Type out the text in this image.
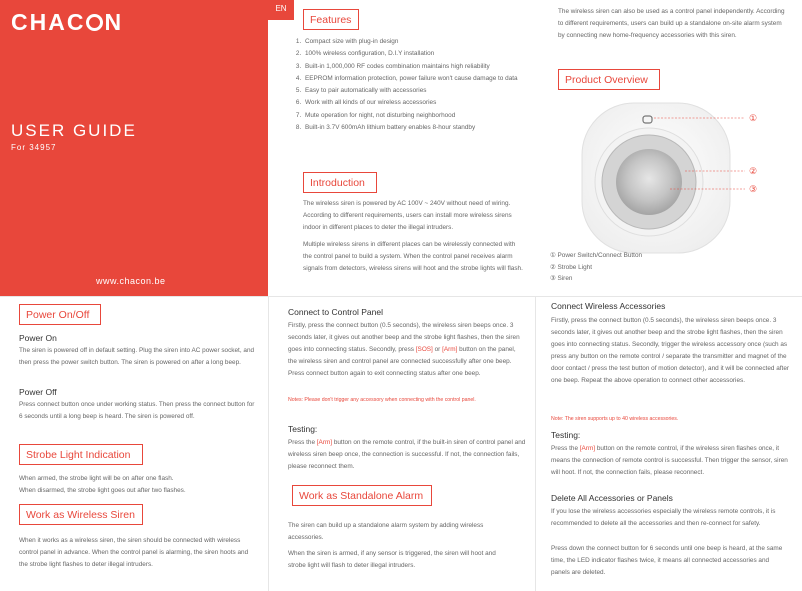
CHAC N
USER GUIDE
For 34957
www.chacon.be
EN
Features
1. Compact size with plug-in design
2. 100% wireless configuration, D.I.Y installation
3. Built-in 1,000,000 RF codes combination maintains high reliability
4. EEPROM information protection, power failure won't cause damage to data
5. Easy to pair automatically with accessories
6. Work with all kinds of our wireless accessories
7. Mute operation for night, not disturbing neighborhood
8. Built-in 3.7V 600mAh lithium battery enables 8-hour standby
Introduction
The wireless siren is powered by AC 100V ~ 240V without need of wiring. According to different requirements, users can install more wireless sirens indoor in different places to deter the illegal intruders.
Multiple wireless sirens in different places can be wirelessly connected with the control panel to build a system. When the control panel receives alarm signals from detectors, wireless sirens will hoot and the strobe lights will flash.
The wireless siren can also be used as a control panel independently. According to different requirements, users can build up a standalone on-site alarm system by connecting new home-frequency accessories with this siren.
Product Overview
①
②
③
① Power Switch/Connect Button
② Strobe Light
③ Siren
Power On/Off
Power On
The siren is powered off in default setting. Plug the siren into AC power socket, and then press the power switch button. The siren is powered on after a long beep.
Power Off
Press connect button once under working status. Then press the connect button for 6 seconds until a long beep is heard. The siren is powered off.
Strobe Light Indication
When armed, the strobe light will be on after one flash.
When disarmed, the strobe light goes out after two flashes.
Work as Wireless Siren
When it works as a wireless siren, the siren should be connected with wireless control panel in advance. When the control panel is alarming, the siren hoots and the strobe light flashes to deter illegal intruders.
Connect to Control Panel
Firstly, press the connect button (0.5 seconds), the wireless siren beeps once. 3 seconds later, it gives out another beep and the strobe light flashes, then the siren goes into connecting status. Secondly, press [SOS] or [Arm] button on the panel, the wireless siren and control panel are connected successfully after one beep. Press connect button again to exit connecting status after one beep.
Notes: Please don't trigger any accessory when connecting with the control panel.
Testing:
Press the [Arm] button on the remote control, if the built-in siren of control panel and wireless siren beep once, the connection is successful. If not, the connection fails, please reconnect them.
Work as Standalone Alarm
The siren can build up a standalone alarm system by adding wireless accessories.
When the siren is armed, if any sensor is triggered, the siren will hoot and strobe light will flash to deter illegal intruders.
Connect Wireless Accessories
Firstly, press the connect button (0.5 seconds), the wireless siren beeps once. 3 seconds later, it gives out another beep and the strobe light flashes, then the siren goes into connecting status. Secondly, trigger the wireless accessory once (such as press any button on the remote control / separate the transmitter and magnet of the door contact / press the test button of motion detector), and it will be connected after one beep. Repeat the above operation to connect other accessories.
Note: The siren supports up to 40 wireless accessories.
Testing:
Press the [Arm] button on the remote control, if the wireless siren flashes once, it means the connection of remote control is successful. Then trigger the sensor, siren will hoot. If not, the connection fails, please reconnect.
Delete All Accessories or Panels
If you lose the wireless accessories especially the wireless remote controls, it is recommended to delete all the accessories and then re-connect for safety.
Press down the connect button for 6 seconds until one beep is heard, at the same time, the LED indicator flashes twice, it means all connected accessories and panels are deleted.
